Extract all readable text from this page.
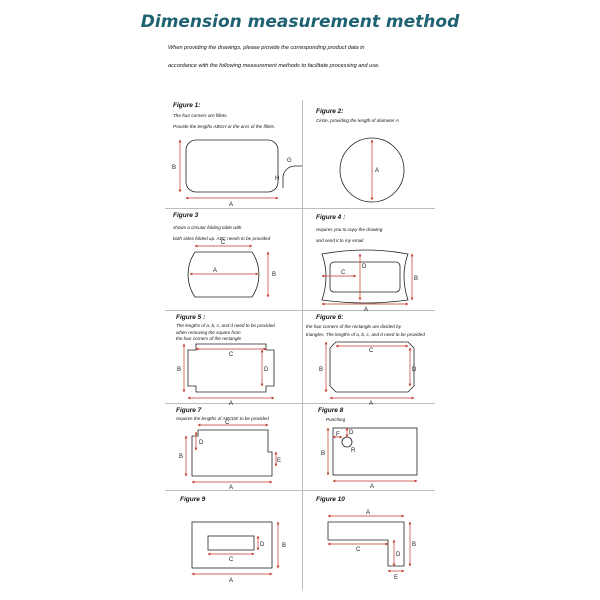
Dimension measurement method
When providing the drawings, please provide the corresponding product data in
accordance with the following measurement methods to facilitate processing and use.
Figure 1:
The four corners are fillets.
Provide the lengths ABGH or the arcs of the fillets.
Figure 2:
Circle, providing the length of diameter A
Figure 3
shows a circular folding table with
both sides folded up. ABC needs to be provided
Figure 4 :
requires you to copy the drawing
and send it to my email
Figure 5 :
The lengths of a, b, c, and d need to be provided
when removing the square from
the four corners of the rectangle
Figure 6:
the four corners of the rectangle are divided by
triangles. The lengths of a, b, c, and d need to be provided
Figure 7
requires the lengths of ABCDE to be provided
Figure 8
Punching
Figure 9	Figure 10
A
B
G
H
A
A
B
C
A
B
C
D
A
B
C
D
A
B
C
D
A
B
C
D
E
A
B
F D
R
A
B
C
D
A
B
C
D
E
